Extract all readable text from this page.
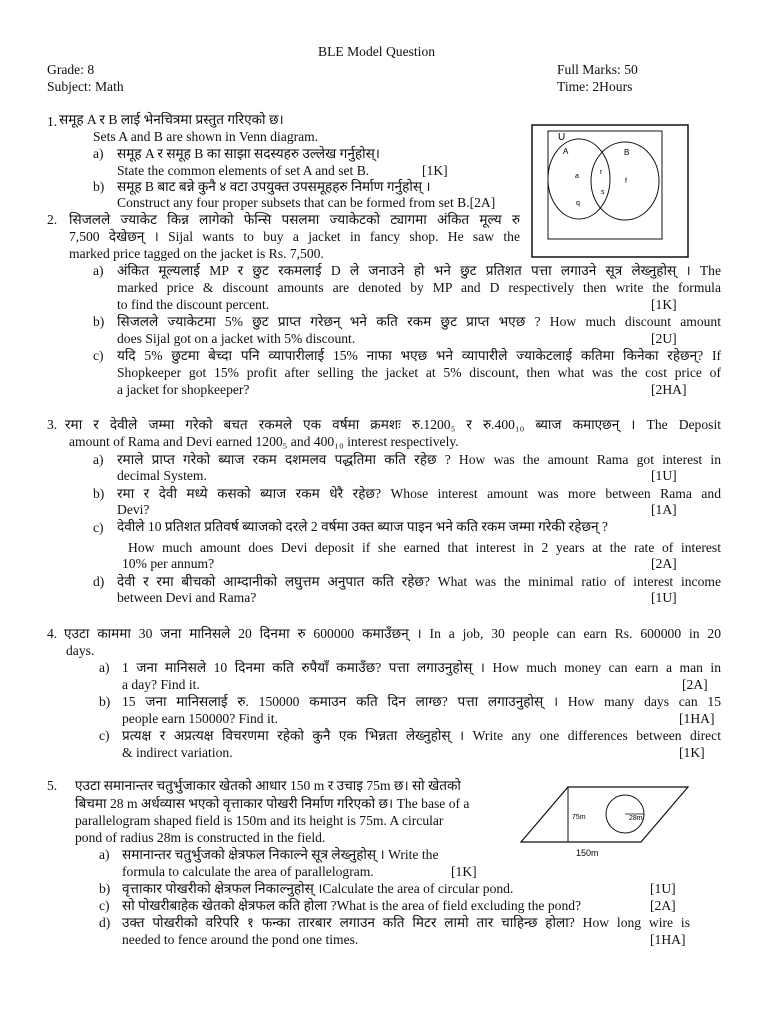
BLE Model Question
Grade: 8	Full Marks: 50
Subject: Math	Time: 2Hours
1. समूह A र B लाई भेनचित्रमा प्रस्तुत गरिएको छ।
Sets A and B are shown in Venn diagram.
a) समूह A र समूह B का साझा सदस्यहरु उल्लेख गर्नुहोस्।
State the common elements of set A and set B.	[1K]
b) समूह B बाट बन्ने कुनै ४ वटा उपयुक्त उपसमूहहरु निर्माण गर्नुहोस् ।
Construct any four proper subsets that can be formed from set B.[2A]
U
A	B
a
r
s
q
f
2. सिजलले ज्याकेट किन्न लागेको फेन्सि पसलमा ज्याकेटको ट्यागमा अंकित मूल्य रु
7,500 देखेछन् । Sijal wants to buy a jacket in fancy shop. He saw the
marked price tagged on the jacket is Rs. 7,500.
a) अंकित मूल्यलाई MP र छुट रकमलाई D ले जनाउने हो भने छुट प्रतिशत पत्ता लगाउने सूत्र लेख्नुहोस् । The
marked price & discount amounts are denoted by MP and D respectively then write the formula
to find the discount percent.	[1K]
b) सिजलले ज्याकेटमा 5% छुट प्राप्त गरेछन् भने कति रकम छुट प्राप्त भएछ ? How much discount amount
does Sijal got on a jacket with 5% discount.	[2U]
c) यदि 5% छुटमा बेच्दा पनि व्यापारीलाई 15% नाफा भएछ भने व्यापारीले ज्याकेटलाई कतिमा किनेका रहेछन्? If
Shopkeeper got 15% profit after selling the jacket at 5% discount, then what was the cost price of
a jacket for shopkeeper?	[2HA]
3. रमा र देवीले जम्मा गरेको बचत रकमले एक वर्षमा क्रमशः रु.1200₅ र रु.400₁₀ ब्याज कमाएछन् । The Deposit
amount of Rama and Devi earned 1200₅ and 400₁₀ interest respectively.
a) रमाले प्राप्त गरेको ब्याज रकम दशमलव पद्धतिमा कति रहेछ ? How was the amount Rama got interest in
decimal System.	[1U]
b) रमा र देवी मध्ये कसको ब्याज रकम धेरै रहेछ? Whose interest amount was more between Rama and
Devi?	[1A]
c) देवीले 10 प्रतिशत प्रतिवर्ष ब्याजको दरले 2 वर्षमा उक्त ब्याज पाइन भने कति रकम जम्मा गरेकी रहेछन् ?
How much amount does Devi deposit if she earned that interest in 2 years at the rate of interest
10% per annum?	[2A]
d) देवी र रमा बीचको आम्दानीको लघुत्तम अनुपात कति रहेछ? What was the minimal ratio of interest income
between Devi and Rama?	[1U]
4. एउटा काममा 30 जना मानिसले 20 दिनमा रु 600000 कमाउँछन् । In a job, 30 people can earn Rs. 600000 in 20
days.
a) 1 जना मानिसले 10 दिनमा कति रुपैयाँ कमाउँछ? पत्ता लगाउनुहोस् । How much money can earn a man in
a day? Find it.	[2A]
b) 15 जना मानिसलाई रु. 150000 कमाउन कति दिन लाग्छ? पत्ता लगाउनुहोस् । How many days can 15
people earn 150000? Find it.	[1HA]
c) प्रत्यक्ष र अप्रत्यक्ष विचरणमा रहेको कुनै एक भिन्नता लेख्नुहोस् । Write any one differences between direct
& indirect variation.	[1K]
5. एउटा समानान्तर चतुर्भुजाकार खेतको आधार 150 m र उचाइ 75m छ। सो खेतको
बिचमा 28 m अर्धव्यास भएको वृत्ताकार पोखरी निर्माण गरिएको छ। The base of a
parallelogram shaped field is 150m and its height is 75m. A circular
pond of radius 28m is constructed in the field.
a) समानान्तर चतुर्भुजको क्षेत्रफल निकाल्ने सूत्र लेख्नुहोस् । Write the
formula to calculate the area of parallelogram.	[1K]
b) वृत्ताकार पोखरीको क्षेत्रफल निकाल्नुहोस् ।Calculate the area of circular pond.	[1U]
c) सो पोखरीबाहेक खेतको क्षेत्रफल कति होला ?What is the area of field excluding the pond?	[2A]
d) उक्त पोखरीको वरिपरि १ फन्का तारबार लगाउन कति मिटर लामो तार चाहिन्छ होला? How long wire is
needed to fence around the pond one times.	[1HA]
75m	28m
150m
